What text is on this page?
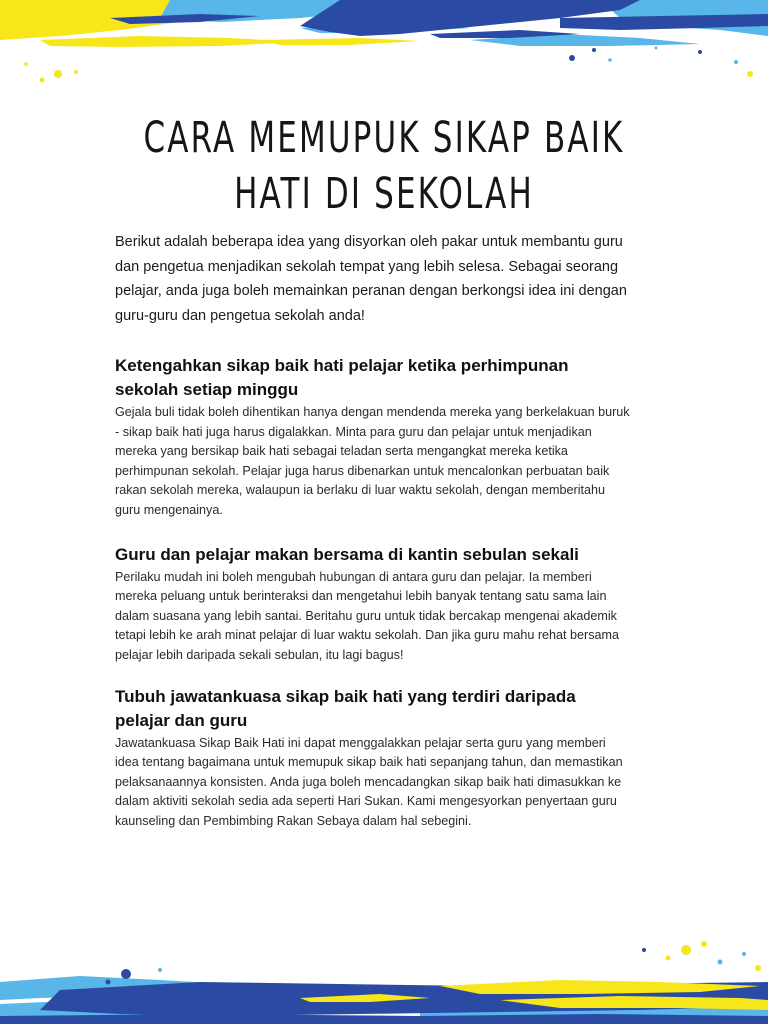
CARA MEMUPUK SIKAP BAIK
HATI DI SEKOLAH

Berikut adalah beberapa idea yang disyorkan oleh pakar untuk membantu guru dan pengetua menjadikan sekolah tempat yang lebih selesa. Sebagai seorang pelajar, anda juga boleh memainkan peranan dengan berkongsi idea ini dengan guru-guru dan pengetua sekolah anda!

Ketengahkan sikap baik hati pelajar ketika perhimpunan sekolah setiap minggu

Gejala buli tidak boleh dihentikan hanya dengan mendenda mereka yang berkelakuan buruk - sikap baik hati juga harus digalakkan. Minta para guru dan pelajar untuk menjadikan mereka yang bersikap baik hati sebagai teladan serta mengangkat mereka ketika perhimpunan sekolah. Pelajar juga harus dibenarkan untuk mencalonkan perbuatan baik rakan sekolah mereka, walaupun ia berlaku di luar waktu sekolah, dengan memberitahu guru mengenainya.

Guru dan pelajar makan bersama di kantin sebulan sekali

Perilaku mudah ini boleh mengubah hubungan di antara guru dan pelajar. Ia memberi mereka peluang untuk berinteraksi dan mengetahui lebih banyak tentang satu sama lain dalam suasana yang lebih santai. Beritahu guru untuk tidak bercakap mengenai akademik tetapi lebih ke arah minat pelajar di luar waktu sekolah. Dan jika guru mahu rehat bersama pelajar lebih daripada sekali sebulan, itu lagi bagus!

Tubuh jawatankuasa sikap baik hati yang terdiri daripada pelajar dan guru

Jawatankuasa Sikap Baik Hati ini dapat menggalakkan pelajar serta guru yang memberi idea tentang bagaimana untuk memupuk sikap baik hati sepanjang tahun, dan memastikan pelaksanaannya konsisten. Anda juga boleh mencadangkan sikap baik hati dimasukkan ke dalam aktiviti sekolah sedia ada seperti Hari Sukan. Kami mengesyorkan penyertaan guru kaunseling dan Pembimbing Rakan Sebaya dalam hal sebegini.
